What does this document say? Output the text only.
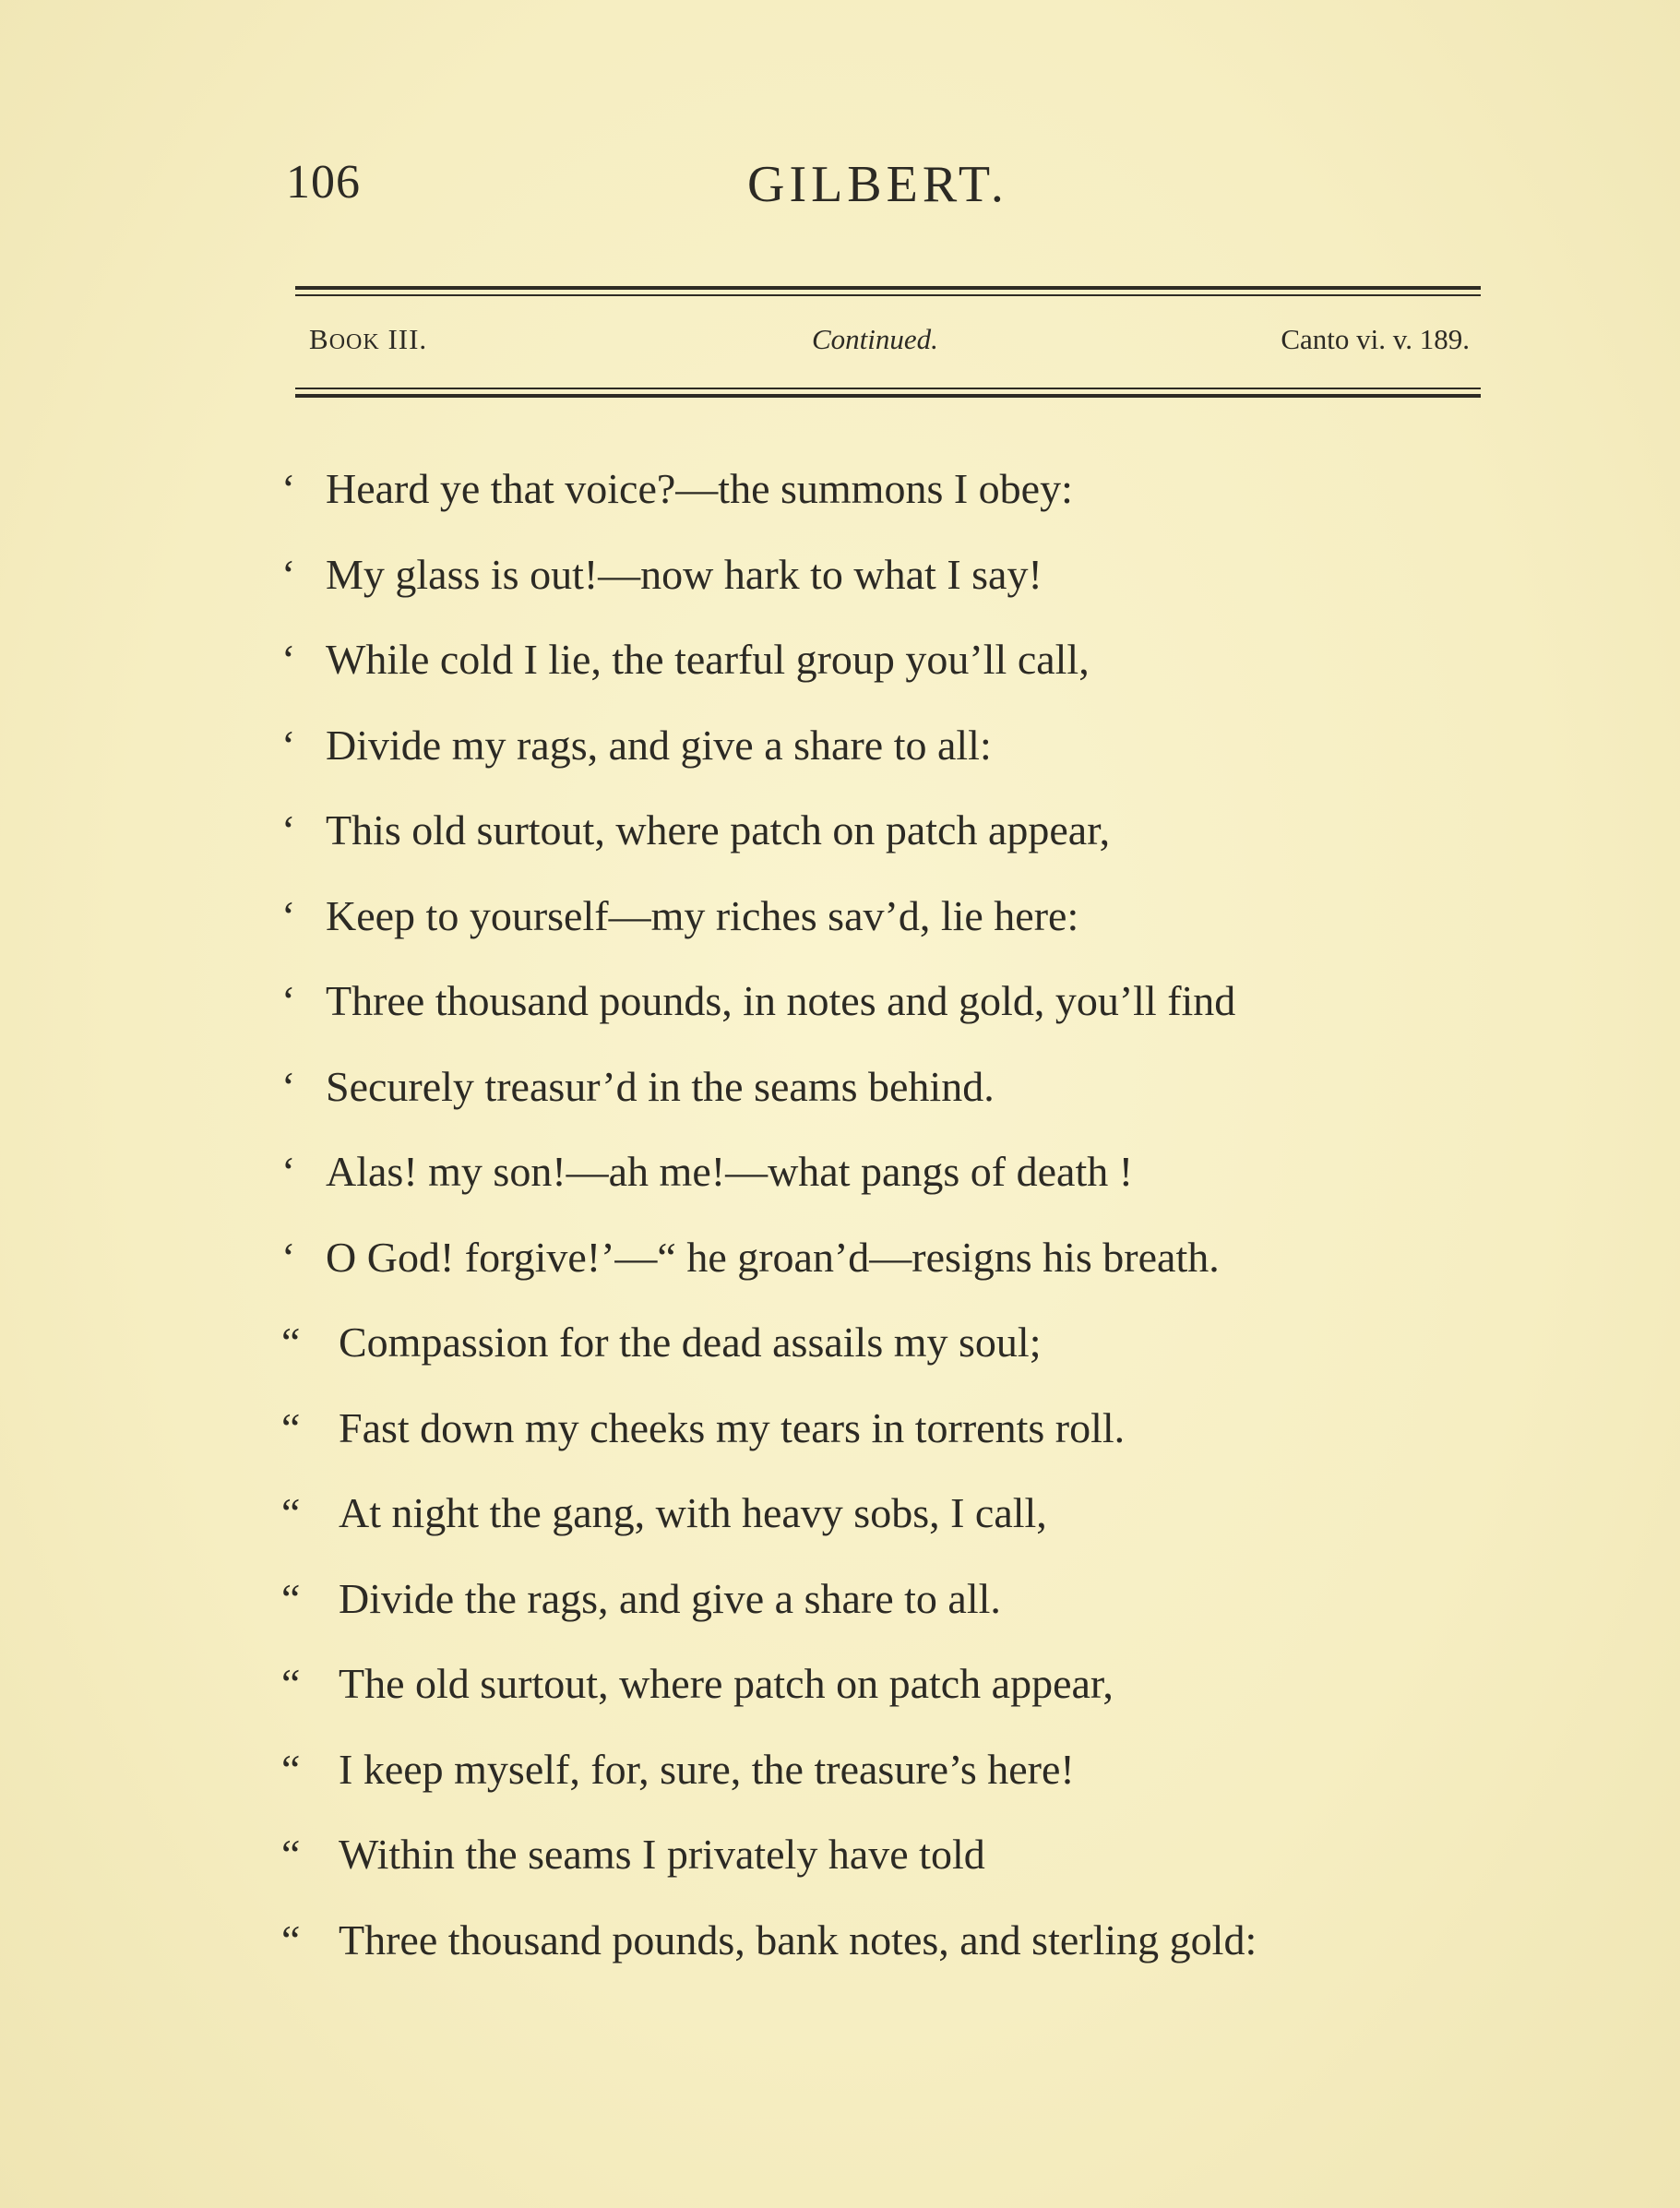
106	GILBERT.
BOOK III.	Continued.	Canto vi. v. 189.
‘ Heard ye that voice?—the summons I obey:
‘ My glass is out!—now hark to what I say!
‘ While cold I lie, the tearful group you’ll call,
‘ Divide my rags, and give a share to all:
‘ This old surtout, where patch on patch appear,
‘ Keep to yourself—my riches sav’d, lie here:
‘ Three thousand pounds, in notes and gold, you’ll find
‘ Securely treasur’d in the seams behind.
‘ Alas! my son!—ah me!—what pangs of death !
‘ O God! forgive!’—“ he groan’d—resigns his breath.
“ Compassion for the dead assails my soul;
“ Fast down my cheeks my tears in torrents roll.
“ At night the gang, with heavy sobs, I call,
“ Divide the rags, and give a share to all.
“ The old surtout, where patch on patch appear,
“ I keep myself, for, sure, the treasure’s here!
“ Within the seams I privately have told
“ Three thousand pounds, bank notes, and sterling gold:
